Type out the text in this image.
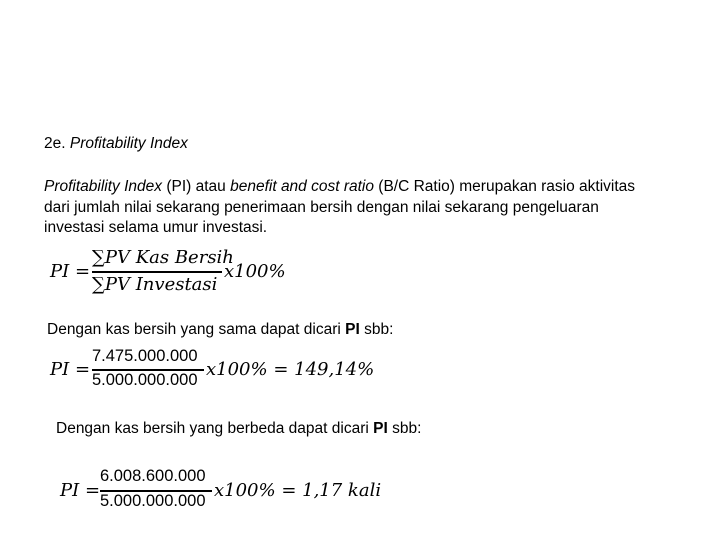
2e. Profitability Index
Profitability Index (PI) atau benefit and cost ratio (B/C Ratio) merupakan rasio aktivitas
dari jumlah nilai sekarang penerimaan bersih dengan nilai sekarang pengeluaran
investasi selama umur investasi.
PI =
∑PV Kas Bersih
∑PV Investasi
x100%
Dengan kas bersih yang sama dapat dicari PI sbb:
PI =
7.475.000.000
5.000.000.000 x100% = 149,14%
Dengan kas bersih yang berbeda dapat dicari PI sbb:
PI =
6.008.600.000
5.000.000.000 x100% = 1,17 kali
